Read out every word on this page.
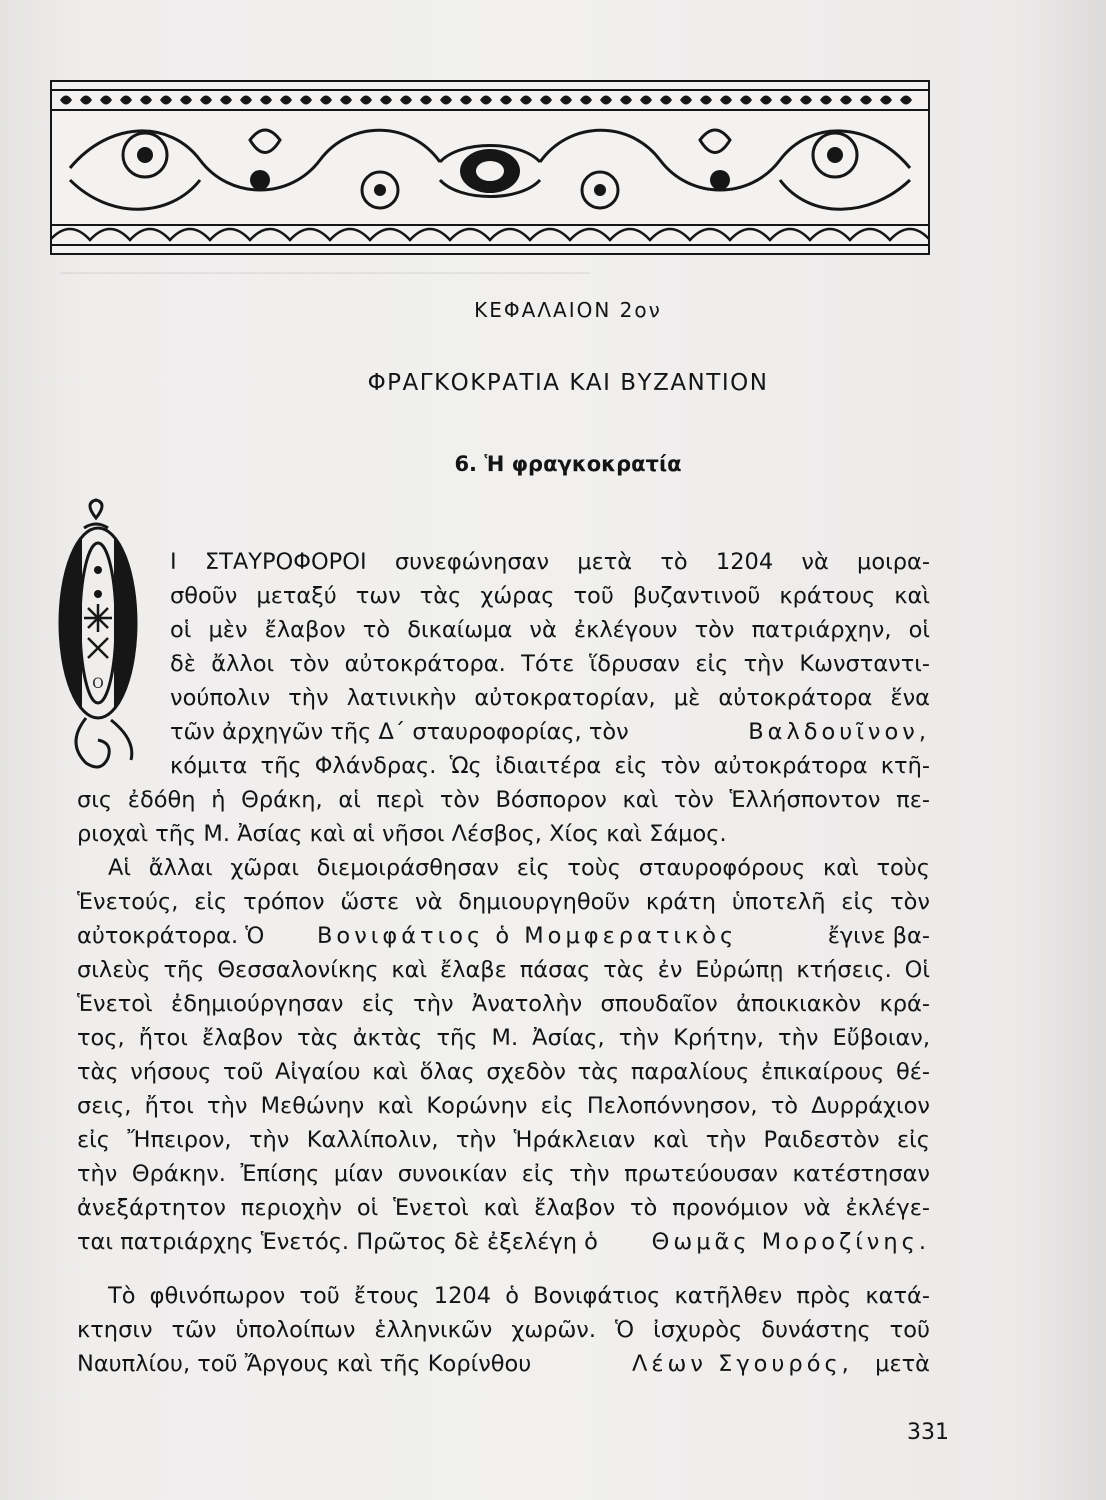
────────────────────────────────────────────

ΚΕΦΑΛΑΙΟΝ 2ον
ΦΡΑΓΚΟΚΡΑΤΙΑ ΚΑΙ ΒΥΖΑΝΤΙΟΝ
6. Ἡ φραγκοκρατία
Ο

Ι ΣΤΑΥΡΟΦΟΡΟΙ συνεφώνησαν μετὰ τὸ 1204 νὰ μοιρα-

σθοῦν μεταξύ των τὰς χώρας τοῦ βυζαντινοῦ κράτους καὶ

οἱ μὲν ἔλαβον τὸ δικαίωμα νὰ ἐκλέγουν τὸν πατριάρχην, οἱ

δὲ ἄλλοι τὸν αὐτοκράτορα. Τότε ἵδρυσαν εἰς τὴν Κωνσταντι-

νούπολιν τὴν λατινικὴν αὐτοκρατορίαν, μὲ αὐτοκράτορα ἕνα

τῶν ἀρχηγῶν τῆς Δ΄ σταυροφορίας, τὸν	Βαλδουῖνον,

κόμιτα τῆς Φλάνδρας. Ὡς ἰδιαιτέρα εἰς τὸν αὐτοκράτορα κτῆ-

σις ἐδόθη ἡ Θράκη, αἱ περὶ τὸν Βόσπορον καὶ τὸν Ἑλλήσποντον πε-

ριοχαὶ τῆς Μ. Ἀσίας καὶ αἱ νῆσοι Λέσβος, Χίος καὶ Σάμος.

Αἱ ἄλλαι χῶραι διεμοιράσθησαν εἰς τοὺς σταυροφόρους καὶ τοὺς

Ἑνετούς, εἰς τρόπον ὥστε νὰ δημιουργηθοῦν κράτη ὑποτελῆ εἰς τὸν

αὐτοκράτορα. Ὁ Βονιφάτιος ὁ Μομφερατικὸς	ἔγινε βα-

σιλεὺς τῆς Θεσσαλονίκης καὶ ἔλαβε πάσας τὰς ἐν Εὐρώπῃ κτήσεις. Οἱ

Ἑνετοὶ ἐδημιούργησαν εἰς τὴν Ἀνατολὴν σπουδαῖον ἀποικιακὸν κρά-

τος, ἤτοι ἔλαβον τὰς ἀκτὰς τῆς Μ. Ἀσίας, τὴν Κρήτην, τὴν Εὔβοιαν,

τὰς νήσους τοῦ Αἰγαίου καὶ ὅλας σχεδὸν τὰς παραλίους ἐπικαίρους θέ-

σεις, ἤτοι τὴν Μεθώνην καὶ Κορώνην εἰς Πελοπόννησον, τὸ Δυρράχιον

εἰς Ἤπειρον, τὴν Καλλίπολιν, τὴν Ἡράκλειαν καὶ τὴν Ραιδεστὸν εἰς

τὴν Θράκην. Ἐπίσης μίαν συνοικίαν εἰς τὴν πρωτεύουσαν κατέστησαν

ἀνεξάρτητον περιοχὴν οἱ Ἑνετοὶ καὶ ἔλαβον τὸ προνόμιον νὰ ἐκλέγε-

ται πατριάρχης Ἑνετός. Πρῶτος δὲ ἐξελέγη ὁ Θωμᾶς Μοροζίνης.

Τὸ φθινόπωρον τοῦ ἔτους 1204 ὁ Βονιφάτιος κατῆλθεν πρὸς κατά-

κτησιν τῶν ὑπολοίπων ἑλληνικῶν χωρῶν. Ὁ ἰσχυρὸς δυνάστης τοῦ

Ναυπλίου, τοῦ Ἄργους καὶ τῆς Κορίνθου	Λέων Σγουρός, μετὰ

331
